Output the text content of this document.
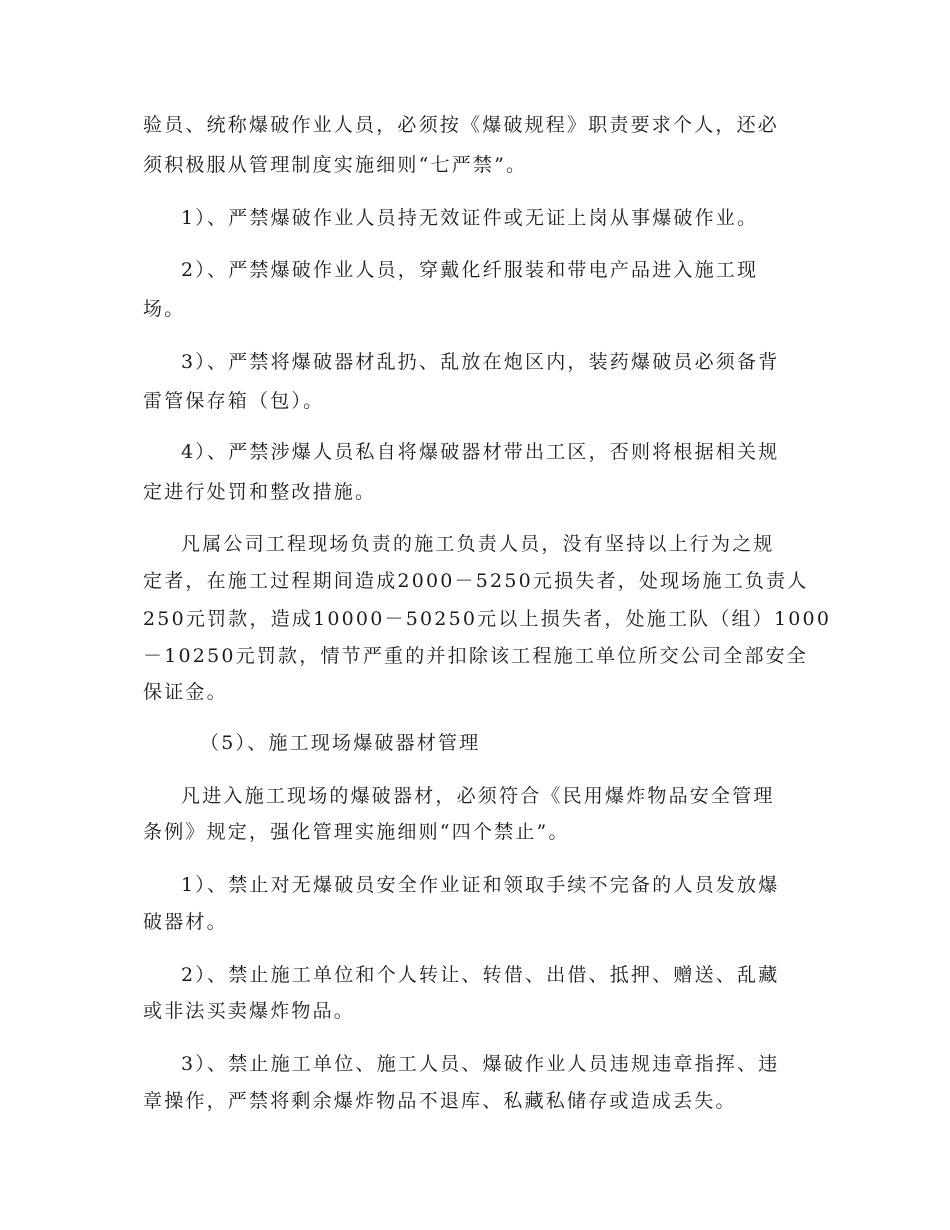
验员、统称爆破作业人员，必须按《爆破规程》职责要求个人，还必
须积极服从管理制度实施细则“七严禁”。
1）、严禁爆破作业人员持无效证件或无证上岗从事爆破作业。
2）、严禁爆破作业人员，穿戴化纤服装和带电产品进入施工现
场。
3）、严禁将爆破器材乱扔、乱放在炮区内，装药爆破员必须备背
雷管保存箱（包）。
4）、严禁涉爆人员私自将爆破器材带出工区，否则将根据相关规
定进行处罚和整改措施。
凡属公司工程现场负责的施工负责人员，没有坚持以上行为之规
定者，在施工过程期间造成2000－5250元损失者，处现场施工负责人
250元罚款，造成10000－50250元以上损失者，处施工队（组）1000
－10250元罚款，情节严重的并扣除该工程施工单位所交公司全部安全
保证金。
（5）、施工现场爆破器材管理
凡进入施工现场的爆破器材，必须符合《民用爆炸物品安全管理
条例》规定，强化管理实施细则“四个禁止”。
1）、禁止对无爆破员安全作业证和领取手续不完备的人员发放爆
破器材。
2）、禁止施工单位和个人转让、转借、出借、抵押、赠送、乱藏
或非法买卖爆炸物品。
3）、禁止施工单位、施工人员、爆破作业人员违规违章指挥、违
章操作，严禁将剩余爆炸物品不退库、私藏私储存或造成丢失。
